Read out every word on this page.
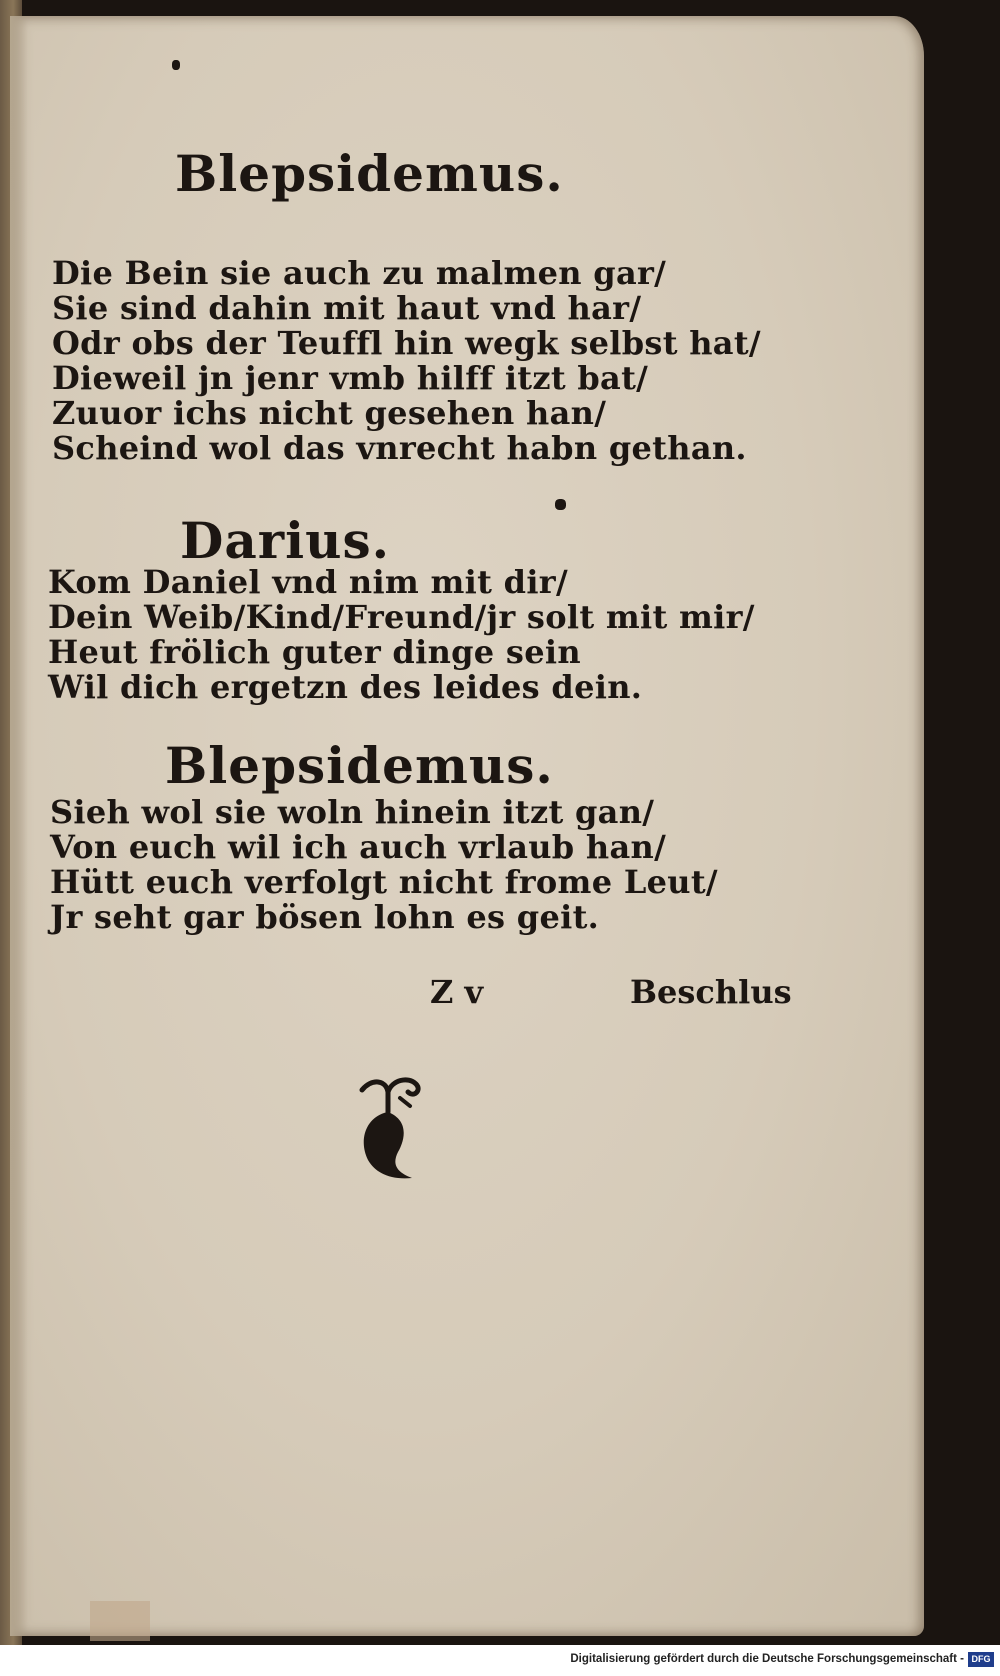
Blepsidemus.
Die Bein sie auch zu malmen gar/
Sie sind dahin mit haut vnd har/
Odr obs der Teuffl hin wegk selbst hat/
Dieweil jn jenr vmb hilff itzt bat/
Zuuor ichs nicht gesehen han/
Scheind wol das vnrecht habn gethan.
Darius.
Kom Daniel vnd nim mit dir/
Dein Weib/Kind/Freund/jr solt mit mir/
Heut frölich guter dinge sein
Wil dich ergetzn des leides dein.
Blepsidemus.
Sieh wol sie woln hinein itzt gan/
Von euch wil ich auch vrlaub han/
Hütt euch verfolgt nicht frome Leut/
Jr seht gar bösen lohn es geit.
Z v	Beschlus
Digitalisierung gefördert durch die Deutsche Forschungsgemeinschaft - DFG
